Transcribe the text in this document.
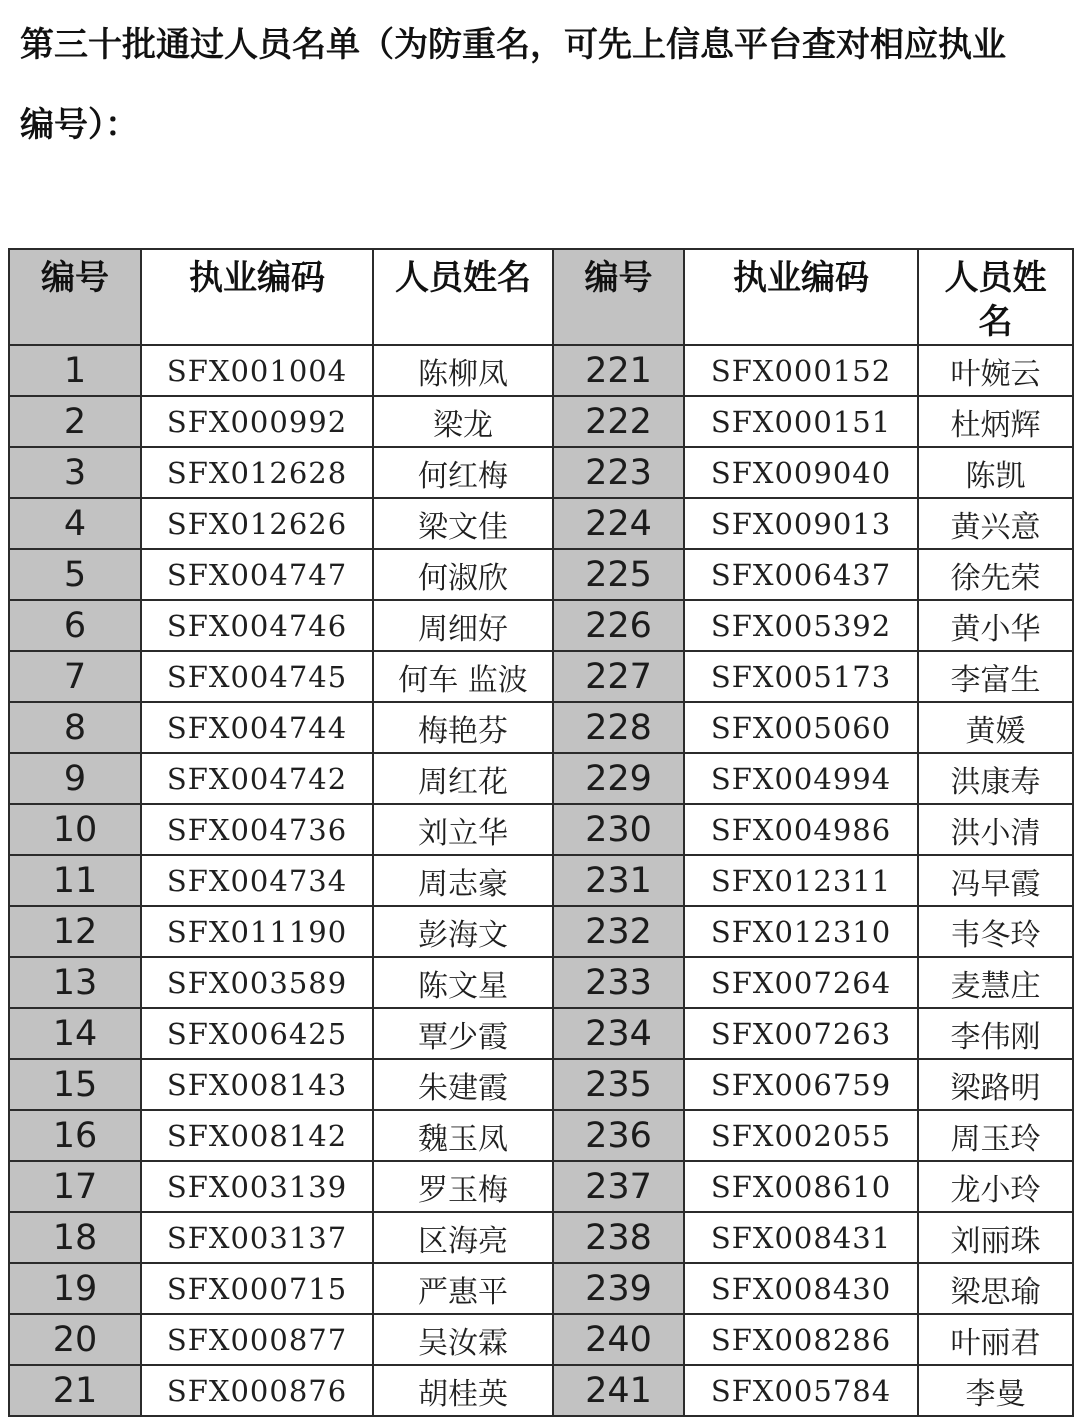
第三十批通过人员名单（为防重名，可先上信息平台查对相应执业
编号）：
编号	执业编码	人员姓名	编号	执业编码	人员姓名
1	SFX001004	陈柳凤	221	SFX000152	叶婉云
2	SFX000992	梁龙	222	SFX000151	杜炳辉
3	SFX012628	何红梅	223	SFX009040	陈凯
4	SFX012626	梁文佳	224	SFX009013	黄兴意
5	SFX004747	何淑欣	225	SFX006437	徐先荣
6	SFX004746	周细好	226	SFX005392	黄小华
7	SFX004745	何车 监波	227	SFX005173	李富生
8	SFX004744	梅艳芬	228	SFX005060	黄媛
9	SFX004742	周红花	229	SFX004994	洪康寿
10	SFX004736	刘立华	230	SFX004986	洪小清
11	SFX004734	周志豪	231	SFX012311	冯早霞
12	SFX011190	彭海文	232	SFX012310	韦冬玲
13	SFX003589	陈文星	233	SFX007264	麦慧庄
14	SFX006425	覃少霞	234	SFX007263	李伟刚
15	SFX008143	朱建霞	235	SFX006759	梁路明
16	SFX008142	魏玉凤	236	SFX002055	周玉玲
17	SFX003139	罗玉梅	237	SFX008610	龙小玲
18	SFX003137	区海亮	238	SFX008431	刘丽珠
19	SFX000715	严惠平	239	SFX008430	梁思瑜
20	SFX000877	吴汝霖	240	SFX008286	叶丽君
21	SFX000876	胡桂英	241	SFX005784	李曼
